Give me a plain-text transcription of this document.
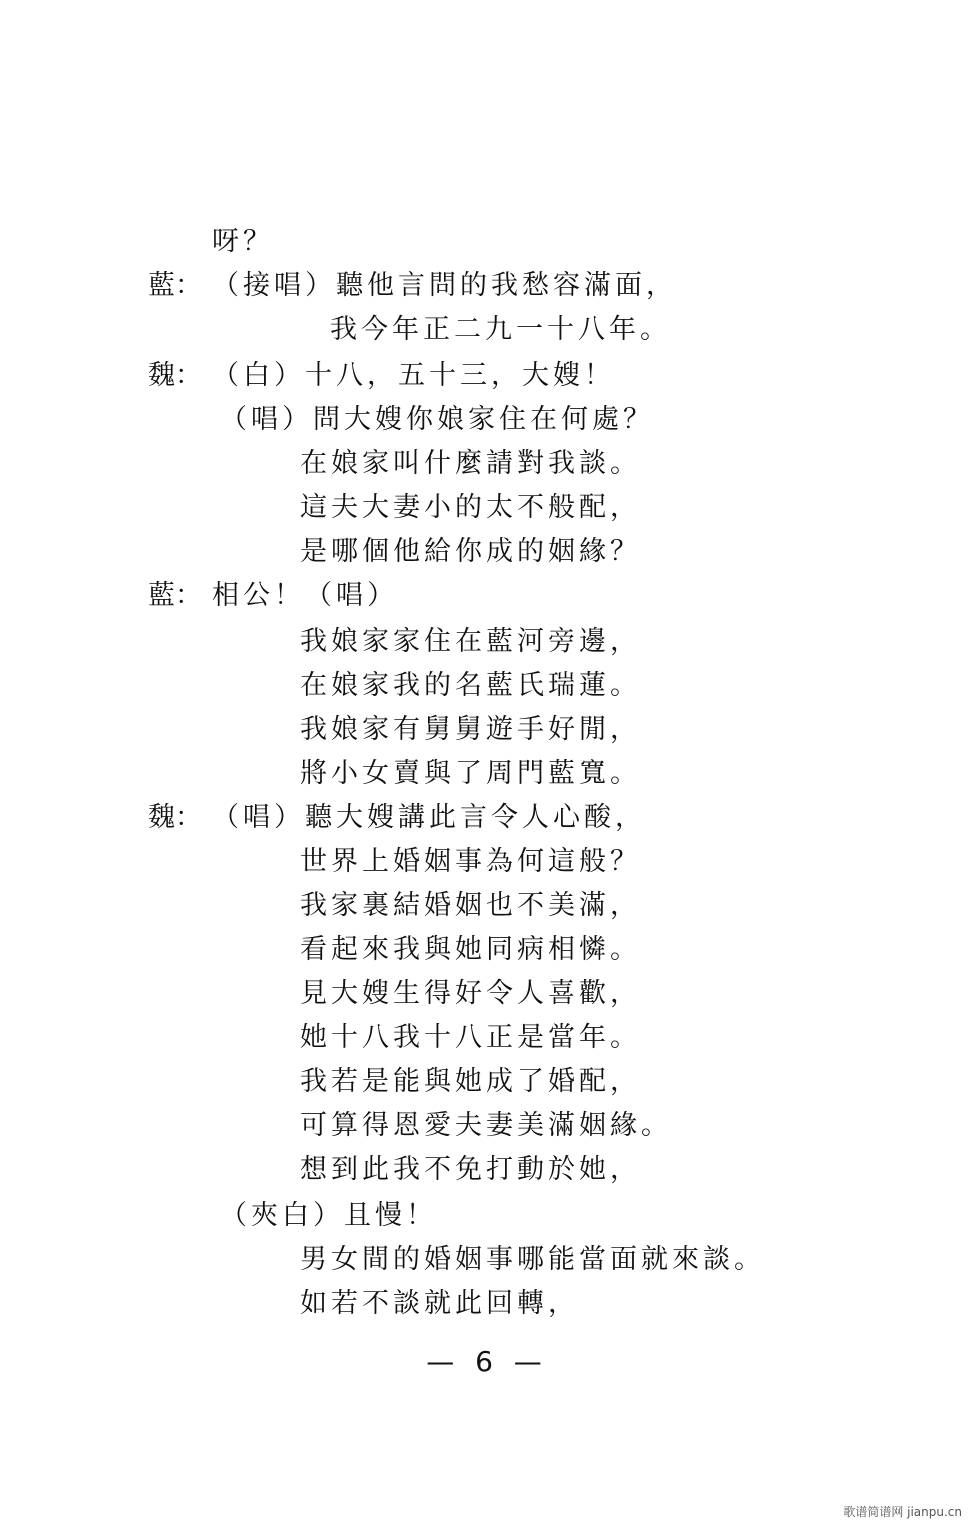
藍：
魏：
藍：
魏：
呀？
（接唱）聽他言問的我愁容滿面，
我今年正二九一十八年。
（白）十八，五十三，大嫂！
（唱）問大嫂你娘家住在何處？
在娘家叫什麼請對我談。
這夫大妻小的太不般配，
是哪個他給你成的姻緣？
相公！（唱）
我娘家家住在藍河旁邊，
在娘家我的名藍氏瑞蓮。
我娘家有舅舅遊手好閒，
將小女賣與了周門藍寬。
（唱）聽大嫂講此言令人心酸，
世界上婚姻事為何這般？
我家裏結婚姻也不美滿，
看起來我與她同病相憐。
見大嫂生得好令人喜歡，
她十八我十八正是當年。
我若是能與她成了婚配，
可算得恩愛夫妻美滿姻緣。
想到此我不免打動於她，
（夾白）且慢！
男女間的婚姻事哪能當面就來談。
如若不談就此回轉，
— 6 —
歌谱简谱网 jianpu.cn
